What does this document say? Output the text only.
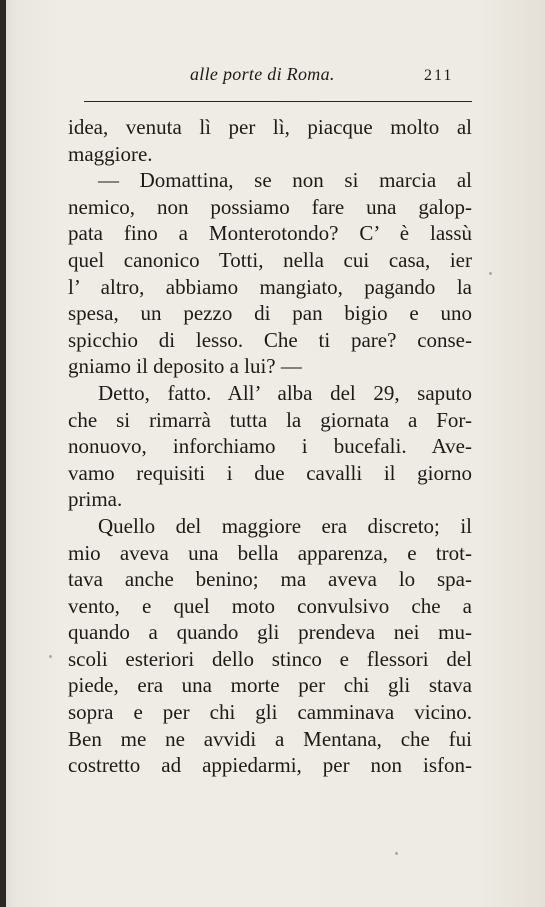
alle porte di Roma.	211
idea, venuta lì per lì, piacque molto al
maggiore.
— Domattina, se non si marcia al
nemico, non possiamo fare una galop-
pata fino a Monterotondo? C’ è lassù
quel canonico Totti, nella cui casa, ier
l’ altro, abbiamo mangiato, pagando la
spesa, un pezzo di pan bigio e uno
spicchio di lesso. Che ti pare? conse-
gniamo il deposito a lui? —
Detto, fatto. All’ alba del 29, saputo
che si rimarrà tutta la giornata a For-
nonuovo, inforchiamo i bucefali. Ave-
vamo requisiti i due cavalli il giorno
prima.
Quello del maggiore era discreto; il
mio aveva una bella apparenza, e trot-
tava anche benino; ma aveva lo spa-
vento, e quel moto convulsivo che a
quando a quando gli prendeva nei mu-
scoli esteriori dello stinco e flessori del
piede, era una morte per chi gli stava
sopra e per chi gli camminava vicino.
Ben me ne avvidi a Mentana, che fui
costretto ad appiedarmi, per non isfon-
